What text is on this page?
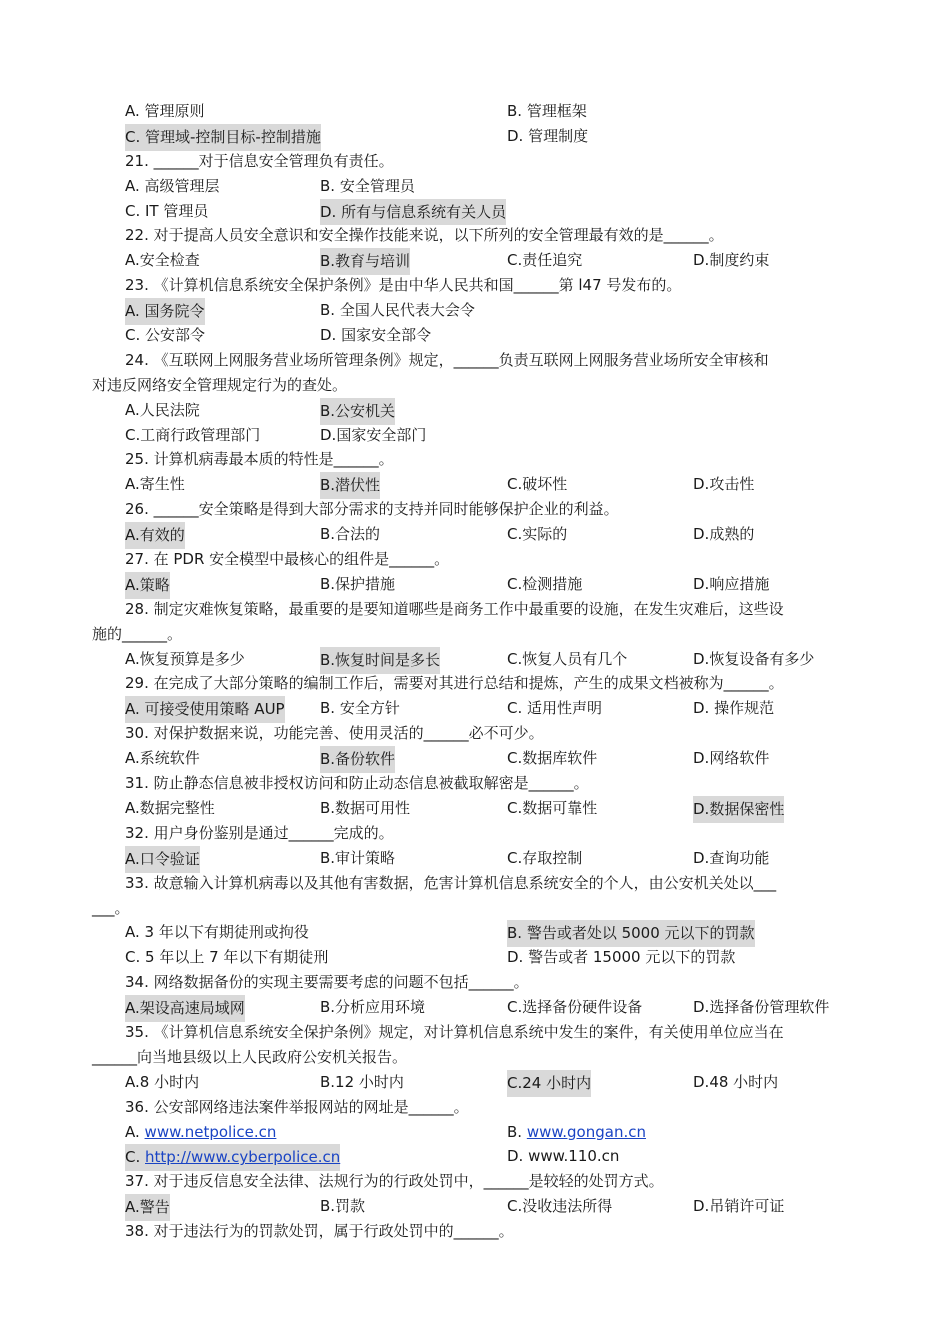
A. 管理原则	B. 管理框架
C. 管理域-控制目标-控制措施	D. 管理制度
21. ______对于信息安全管理负有责任。
A. 高级管理层	B. 安全管理员
C. IT 管理员	D. 所有与信息系统有关人员
22. 对于提高人员安全意识和安全操作技能来说，以下所列的安全管理最有效的是______。
A.安全检查	B.教育与培训	C.责任追究	D.制度约束
23. 《计算机信息系统安全保护条例》是由中华人民共和国______第 l47 号发布的。
A. 国务院令	B. 全国人民代表大会令
C. 公安部令	D. 国家安全部令
24. 《互联网上网服务营业场所管理条例》规定，______负责互联网上网服务营业场所安全审核和
对违反网络安全管理规定行为的查处。
A.人民法院	B.公安机关
C.工商行政管理部门	D.国家安全部门
25. 计算机病毒最本质的特性是______。
A.寄生性	B.潜伏性	C.破坏性	D.攻击性
26. ______安全策略是得到大部分需求的支持并同时能够保护企业的利益。
A.有效的	B.合法的	C.实际的	D.成熟的
27. 在 PDR 安全模型中最核心的组件是______。
A.策略	B.保护措施	C.检测措施	D.响应措施
28. 制定灾难恢复策略，最重要的是要知道哪些是商务工作中最重要的设施，在发生灾难后，这些设
施的______。
A.恢复预算是多少	B.恢复时间是多长	C.恢复人员有几个	D.恢复设备有多少
29. 在完成了大部分策略的编制工作后，需要对其进行总结和提炼，产生的成果文档被称为______。
A. 可接受使用策略 AUP B. 安全方针	C. 适用性声明	D. 操作规范
30. 对保护数据来说，功能完善、使用灵活的______必不可少。
A.系统软件	B.备份软件	C.数据库软件	D.网络软件
31. 防止静态信息被非授权访问和防止动态信息被截取解密是______。
A.数据完整性	B.数据可用性	C.数据可靠性	D.数据保密性
32. 用户身份鉴别是通过______完成的。
A.口令验证	B.审计策略	C.存取控制	D.查询功能
33. 故意输入计算机病毒以及其他有害数据，危害计算机信息系统安全的个人，由公安机关处以___
___。
A. 3 年以下有期徒刑或拘役	B. 警告或者处以 5000 元以下的罚款
C. 5 年以上 7 年以下有期徒刑	D. 警告或者 15000 元以下的罚款
34. 网络数据备份的实现主要需要考虑的问题不包括______。
A.架设高速局域网	B.分析应用环境	C.选择备份硬件设备	D.选择备份管理软件
35. 《计算机信息系统安全保护条例》规定，对计算机信息系统中发生的案件，有关使用单位应当在
______向当地县级以上人民政府公安机关报告。
A.8 小时内	B.12 小时内	C.24 小时内	D.48 小时内
36. 公安部网络违法案件举报网站的网址是______。
A. www.netpolice.cn	B. www.gongan.cn
C. http://www.cyberpolice.cn	D. www.110.cn
37. 对于违反信息安全法律、法规行为的行政处罚中，______是较轻的处罚方式。
A.警告	B.罚款	C.没收违法所得	D.吊销许可证
38. 对于违法行为的罚款处罚，属于行政处罚中的______。
